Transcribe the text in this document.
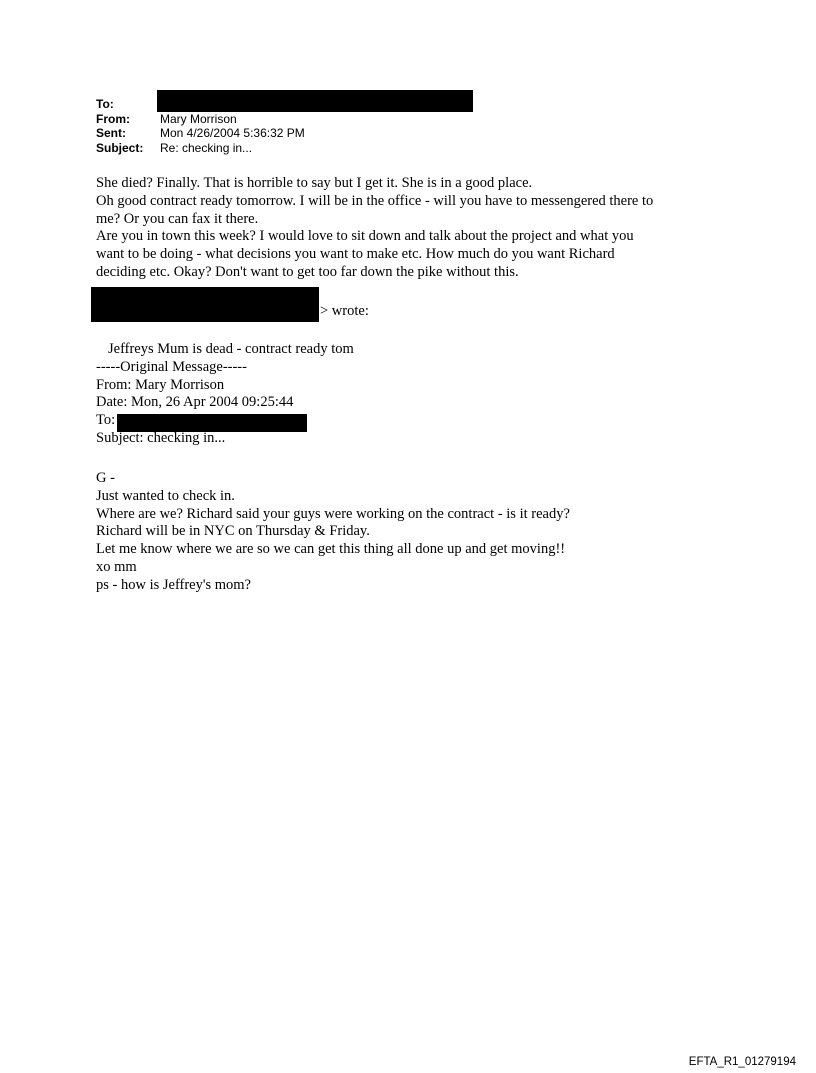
To:
From:	Mary Morrison
Sent:	Mon 4/26/2004 5:36:32 PM
Subject:	Re: checking in...
She died? Finally. That is horrible to say but I get it. She is in a good place.
Oh good contract ready tomorrow. I will be in the office - will you have to messengered there to
me? Or you can fax it there.
Are you in town this week? I would love to sit down and talk about the project and what you
want to be doing - what decisions you want to make etc. How much do you want Richard
deciding etc. Okay? Don't want to get too far down the pike without this.
> wrote:
Jeffreys Mum is dead - contract ready tom
-----Original Message-----
From: Mary Morrison
Date: Mon, 26 Apr 2004 09:25:44
To:
Subject: checking in...
G -
Just wanted to check in.
Where are we? Richard said your guys were working on the contract - is it ready?
Richard will be in NYC on Thursday & Friday.
Let me know where we are so we can get this thing all done up and get moving!!
xo mm
ps - how is Jeffrey's mom?
EFTA_R1_01279194
